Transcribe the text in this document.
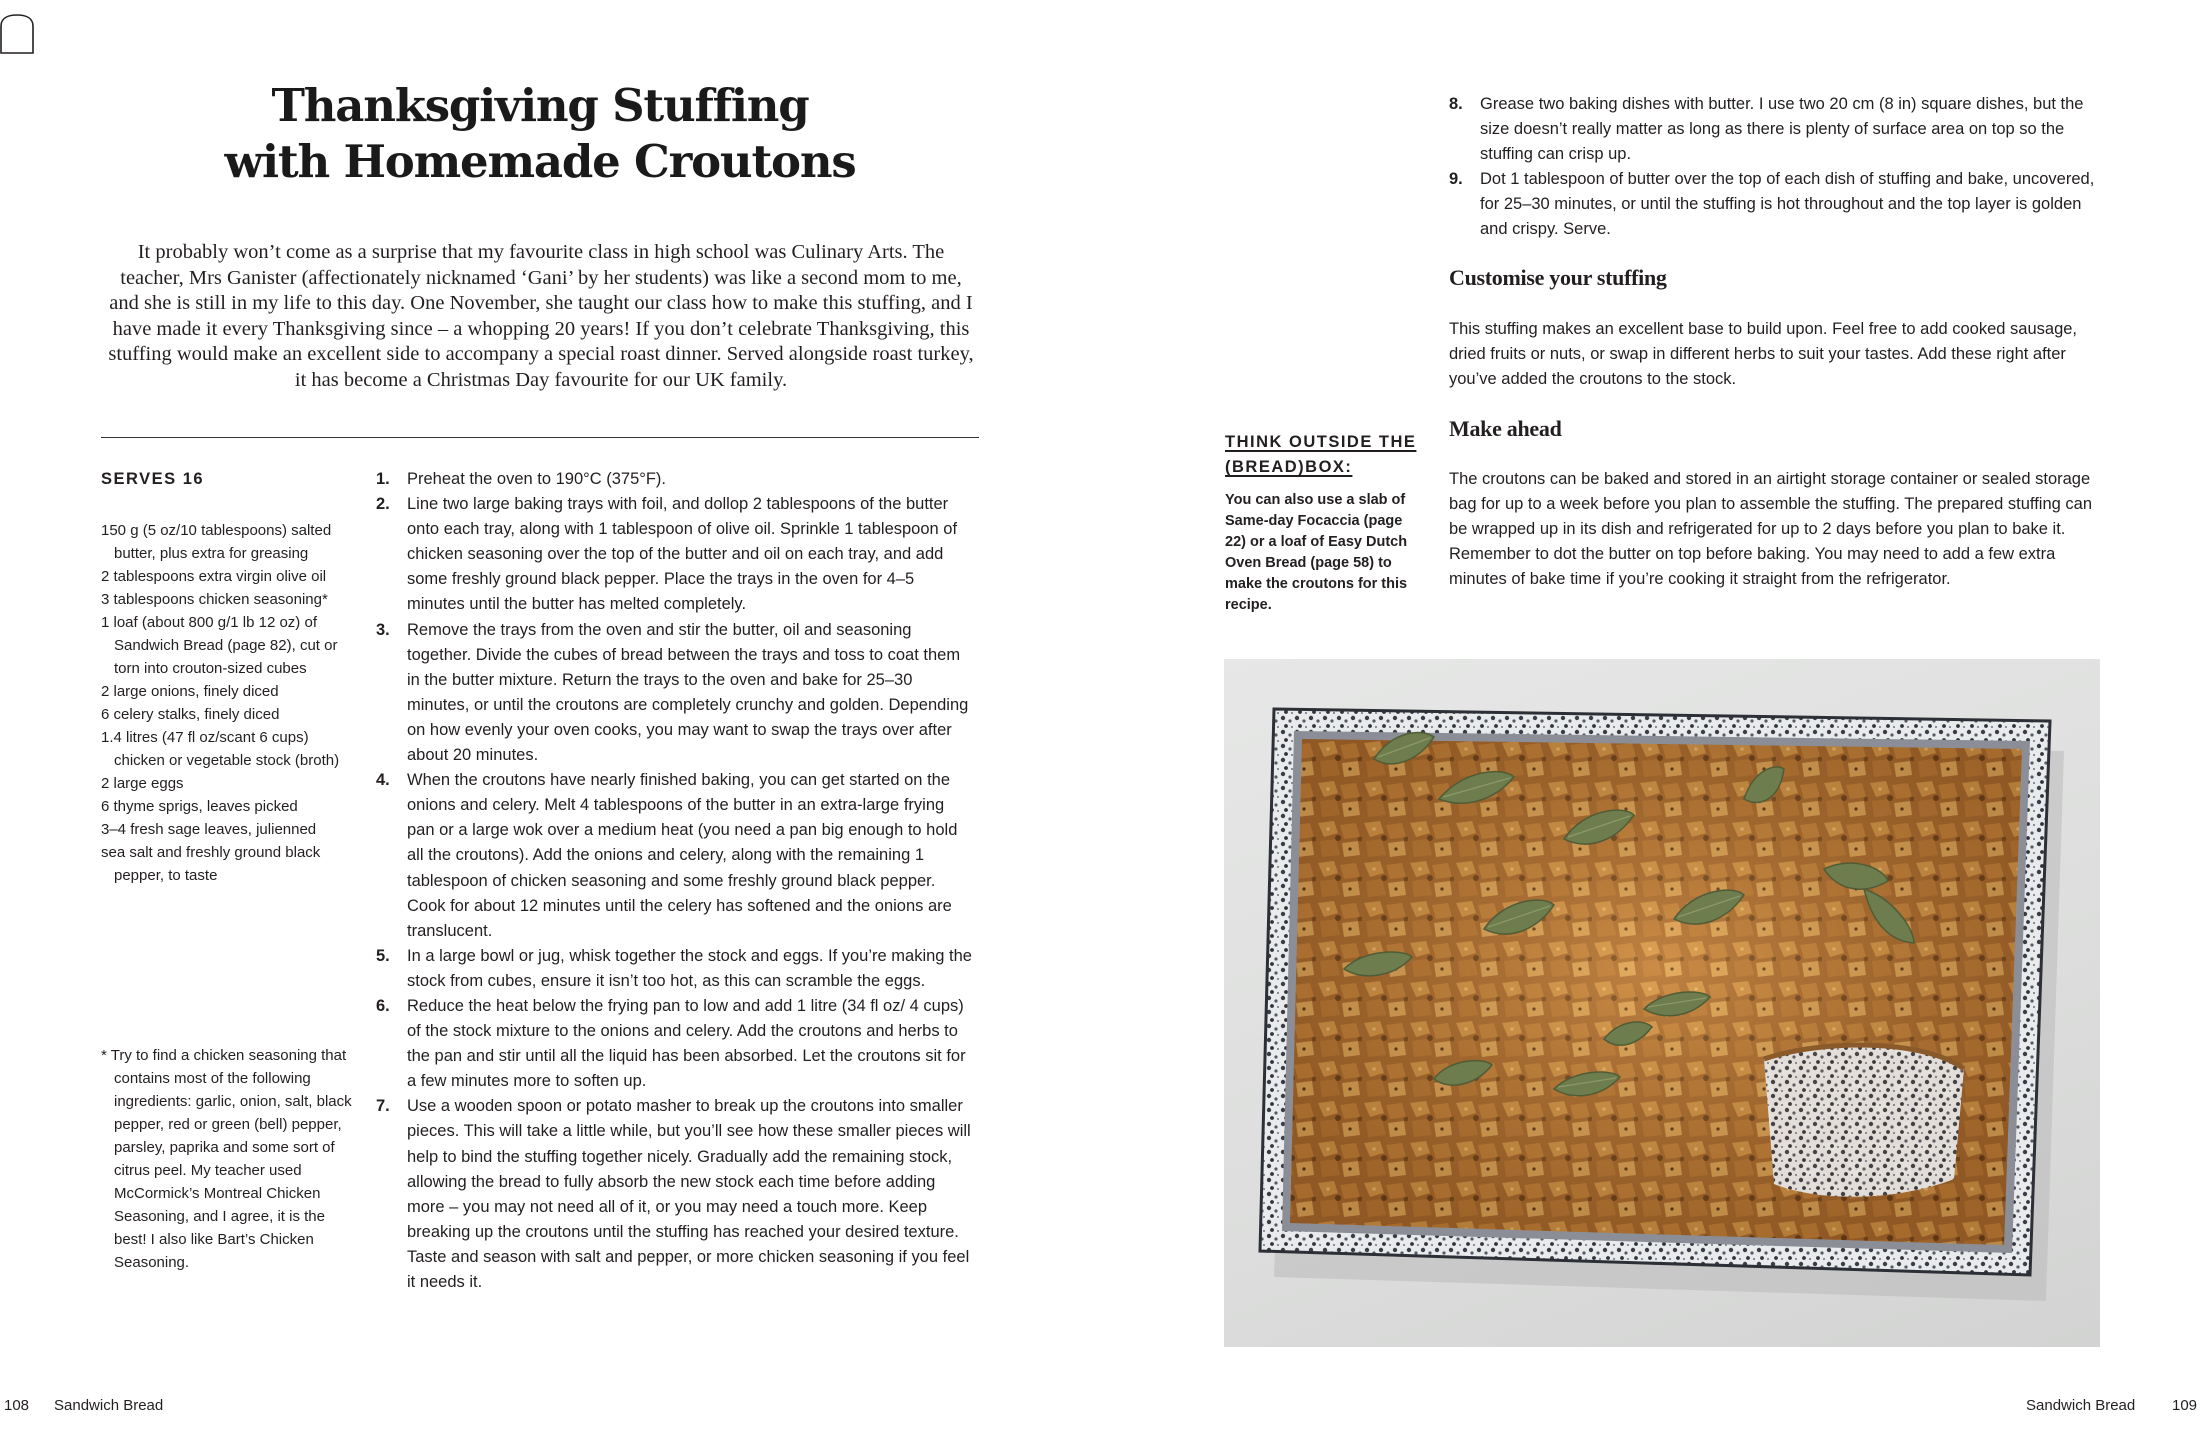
Thanksgiving Stuffing
with Homemade Croutons

It probably won’t come as a surprise that my favourite class in high school was Culinary Arts. The teacher, Mrs Ganister (affectionately nicknamed ‘Gani’ by her students) was like a second mom to me, and she is still in my life to this day. One November, she taught our class how to make this stuffing, and I have made it every Thanksgiving since – a whopping 20 years! If you don’t celebrate Thanksgiving, this stuffing would make an excellent side to accompany a special roast dinner. Served alongside roast turkey, it has become a Christmas Day favourite for our UK family.

SERVES 16
150 g (5 oz/10 tablespoons) salted butter, plus extra for greasing
2 tablespoons extra virgin olive oil
3 tablespoons chicken seasoning*
1 loaf (about 800 g/1 lb 12 oz) of Sandwich Bread (page 82), cut or torn into crouton-sized cubes
2 large onions, finely diced
6 celery stalks, finely diced
1.4 litres (47 fl oz/scant 6 cups) chicken or vegetable stock (broth)
2 large eggs
6 thyme sprigs, leaves picked
3–4 fresh sage leaves, julienned
sea salt and freshly ground black pepper, to taste

* Try to find a chicken seasoning that contains most of the following ingredients: garlic, onion, salt, black pepper, red or green (bell) pepper, parsley, paprika and some sort of citrus peel. My teacher used McCormick’s Montreal Chicken Seasoning, and I agree, it is the best! I also like Bart’s Chicken Seasoning.

1. Preheat the oven to 190°C (375°F).
2. Line two large baking trays with foil, and dollop 2 tablespoons of the butter onto each tray, along with 1 tablespoon of olive oil. Sprinkle 1 tablespoon of chicken seasoning over the top of the butter and oil on each tray, and add some freshly ground black pepper. Place the trays in the oven for 4–5 minutes until the butter has melted completely.
3. Remove the trays from the oven and stir the butter, oil and seasoning together. Divide the cubes of bread between the trays and toss to coat them in the butter mixture. Return the trays to the oven and bake for 25–30 minutes, or until the croutons are completely crunchy and golden. Depending on how evenly your oven cooks, you may want to swap the trays over after about 20 minutes.
4. When the croutons have nearly finished baking, you can get started on the onions and celery. Melt 4 tablespoons of the butter in an extra-large frying pan or a large wok over a medium heat (you need a pan big enough to hold all the croutons). Add the onions and celery, along with the remaining 1 tablespoon of chicken seasoning and some freshly ground black pepper. Cook for about 12 minutes until the celery has softened and the onions are translucent.
5. In a large bowl or jug, whisk together the stock and eggs. If you’re making the stock from cubes, ensure it isn’t too hot, as this can scramble the eggs.
6. Reduce the heat below the frying pan to low and add 1 litre (34 fl oz/ 4 cups) of the stock mixture to the onions and celery. Add the croutons and herbs to the pan and stir until all the liquid has been absorbed. Let the croutons sit for a few minutes more to soften up.
7. Use a wooden spoon or potato masher to break up the croutons into smaller pieces. This will take a little while, but you’ll see how these smaller pieces will help to bind the stuffing together nicely. Gradually add the remaining stock, allowing the bread to fully absorb the new stock each time before adding more – you may not need all of it, or you may need a touch more. Keep breaking up the croutons until the stuffing has reached your desired texture. Taste and season with salt and pepper, or more chicken seasoning if you feel it needs it.
8. Grease two baking dishes with butter. I use two 20 cm (8 in) square dishes, but the size doesn’t really matter as long as there is plenty of surface area on top so the stuffing can crisp up.
9. Dot 1 tablespoon of butter over the top of each dish of stuffing and bake, uncovered, for 25–30 minutes, or until the stuffing is hot throughout and the top layer is golden and crispy. Serve.
Customise your stuffing

This stuffing makes an excellent base to build upon. Feel free to add cooked sausage, dried fruits or nuts, or swap in different herbs to suit your tastes. Add these right after you’ve added the croutons to the stock.

Make ahead

The croutons can be baked and stored in an airtight storage container or sealed storage bag for up to a week before you plan to assemble the stuffing. The prepared stuffing can be wrapped up in its dish and refrigerated for up to 2 days before you plan to bake it. Remember to dot the butter on top before baking. You may need to add a few extra minutes of bake time if you’re cooking it straight from the refrigerator.

THINK OUTSIDE THE (BREAD)BOX:

You can also use a slab of Same-day Focaccia (page 22) or a loaf of Easy Dutch Oven Bread (page 58) to make the croutons for this recipe.

108 Sandwich Bread	Sandwich Bread 109
